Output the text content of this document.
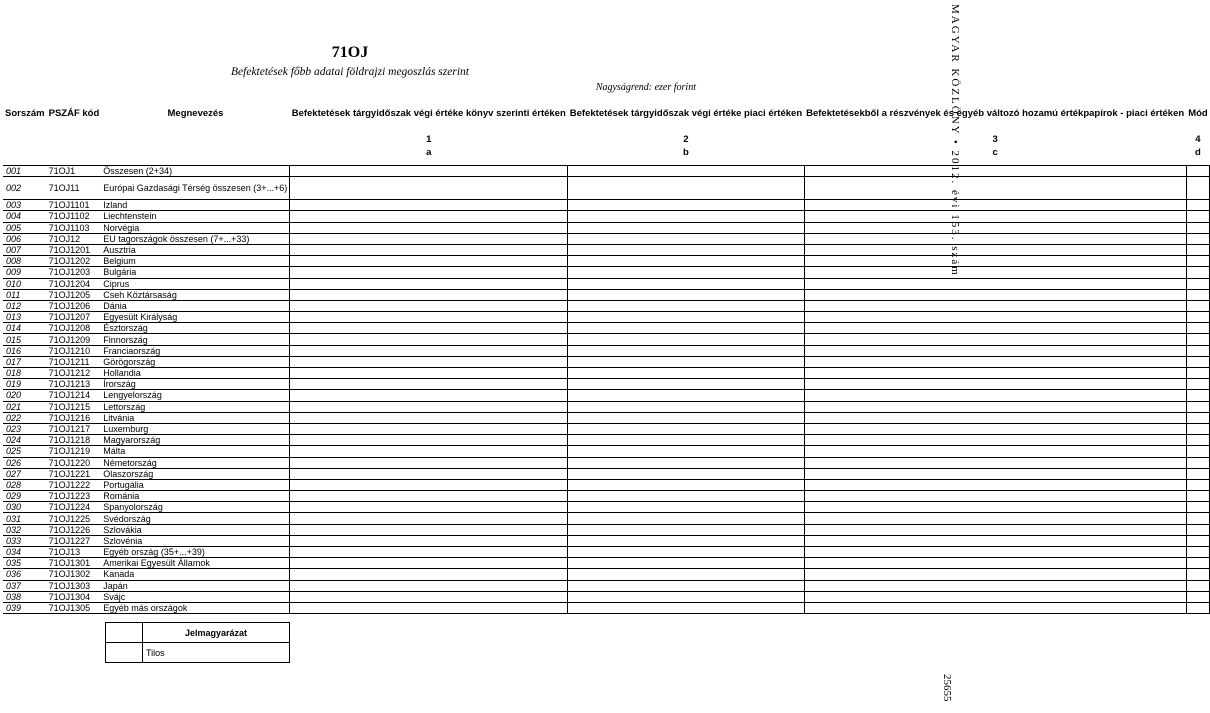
71OJ
Befektetések főbb adatai földrajzi megoszlás szerint
Nagyságrend: ezer forint
Sorszám	PSZÁF kód	Megnevezés	Befektetések tárgyidőszak végi értéke könyv szerinti értéken	Befektetések tárgyidőszak végi értéke piaci értéken	Befektetésekből a részvények és egyéb változó hozamú értékpapírok - piaci értéken	Mód
			1	2	3	4
			a	b	c	d

001	71OJ1	Összesen (2+34)				
002	71OJ11	Európai Gazdasági Térség összesen (3+...+6)				
003	71OJ1101	Izland				
004	71OJ1102	Liechtenstein				
005	71OJ1103	Norvégia				
006	71OJ12	EU tagországok összesen (7+...+33)				
007	71OJ1201	Ausztria				
008	71OJ1202	Belgium				
009	71OJ1203	Bulgária				
010	71OJ1204	Ciprus				
011	71OJ1205	Cseh Köztársaság				
012	71OJ1206	Dánia				
013	71OJ1207	Egyesült Királyság				
014	71OJ1208	Észtország				
015	71OJ1209	Finnország				
016	71OJ1210	Franciaország				
017	71OJ1211	Görögország				
018	71OJ1212	Hollandia				
019	71OJ1213	Írország				
020	71OJ1214	Lengyelország				
021	71OJ1215	Lettország				
022	71OJ1216	Litvánia				
023	71OJ1217	Luxemburg				
024	71OJ1218	Magyarország				
025	71OJ1219	Málta				
026	71OJ1220	Németország				
027	71OJ1221	Olaszország				
028	71OJ1222	Portugália				
029	71OJ1223	Románia				
030	71OJ1224	Spanyolország				
031	71OJ1225	Svédország				
032	71OJ1226	Szlovákia				
033	71OJ1227	Szlovénia				
034	71OJ13	Egyéb ország (35+...+39)				
035	71OJ1301	Amerikai Egyesült Államok				
036	71OJ1302	Kanada				
037	71OJ1303	Japán				
038	71OJ1304	Svájc				
039	71OJ1305	Egyéb más országok				
	Jelmagyarázat
	Tilos
MAGYAR KÖZLÖNY • 2012. évi 153. szám
25655
